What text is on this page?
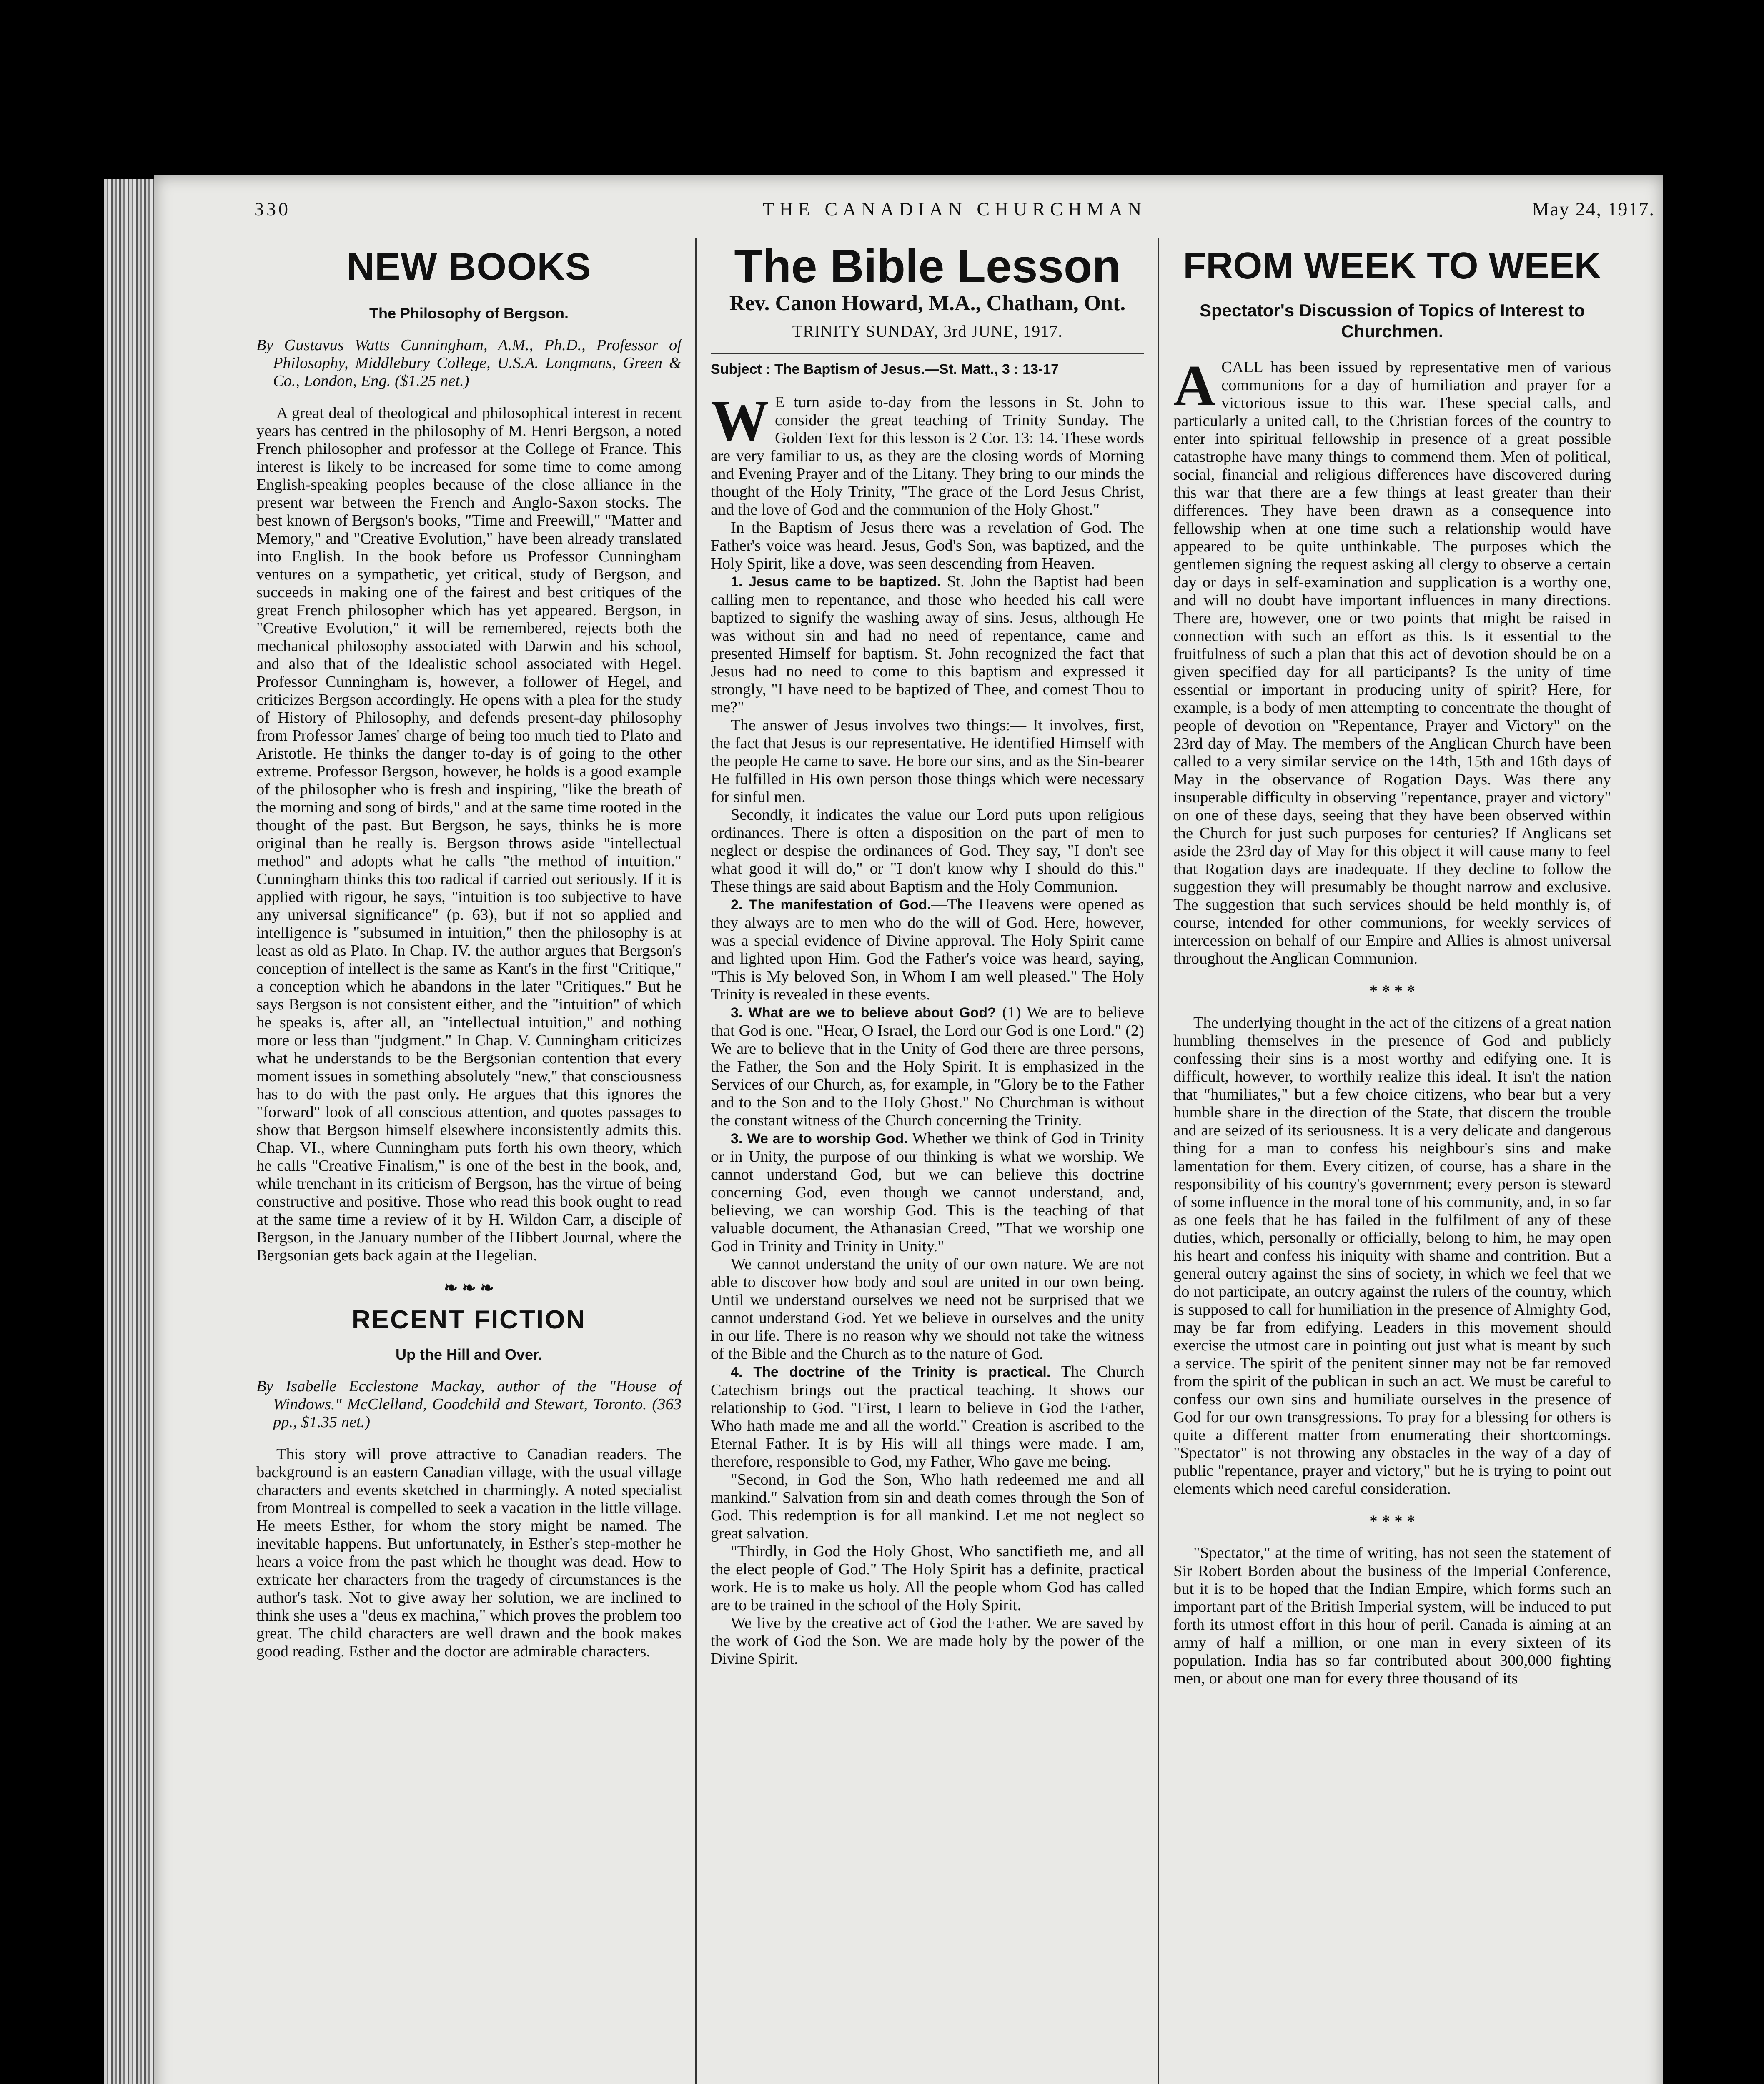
330	THE CANADIAN CHURCHMAN	May 24, 1917.
NEW BOOKS
The Philosophy of Bergson.
By Gustavus Watts Cunningham, A.M., Ph.D., Professor of Philosophy, Middlebury College, U.S.A. Longmans, Green & Co., London, Eng. ($1.25 net.)

A great deal of theological and philosophical interest in recent years has centred in the philosophy of M. Henri Bergson, a noted French philosopher and professor at the College of France. This interest is likely to be increased for some time to come among English-speaking peoples because of the close alliance in the present war between the French and Anglo-Saxon stocks. The best known of Bergson's books, "Time and Freewill," "Matter and Memory," and "Creative Evolution," have been already translated into English. In the book before us Professor Cunningham ventures on a sympathetic, yet critical, study of Bergson, and succeeds in making one of the fairest and best critiques of the great French philosopher which has yet appeared. Bergson, in "Creative Evolution," it will be remembered, rejects both the mechanical philosophy associated with Darwin and his school, and also that of the Idealistic school associated with Hegel. Professor Cunningham is, however, a follower of Hegel, and criticizes Bergson accordingly. He opens with a plea for the study of History of Philosophy, and defends present-day philosophy from Professor James' charge of being too much tied to Plato and Aristotle. He thinks the danger to-day is of going to the other extreme. Professor Bergson, however, he holds is a good example of the philosopher who is fresh and inspiring, "like the breath of the morning and song of birds," and at the same time rooted in the thought of the past. But Bergson, he says, thinks he is more original than he really is. Bergson throws aside "intellectual method" and adopts what he calls "the method of intuition." Cunningham thinks this too radical if carried out seriously. If it is applied with rigour, he says, "intuition is too subjective to have any universal significance" (p. 63), but if not so applied and intelligence is "subsumed in intuition," then the philosophy is at least as old as Plato. In Chap. IV. the author argues that Bergson's conception of intellect is the same as Kant's in the first "Critique," a conception which he abandons in the later "Critiques." But he says Bergson is not consistent either, and the "intuition" of which he speaks is, after all, an "intellectual intuition," and nothing more or less than "judgment." In Chap. V. Cunningham criticizes what he understands to be the Bergsonian contention that every moment issues in something absolutely "new," that consciousness has to do with the past only. He argues that this ignores the "forward" look of all conscious attention, and quotes passages to show that Bergson himself elsewhere inconsistently admits this. Chap. VI., where Cunningham puts forth his own theory, which he calls "Creative Finalism," is one of the best in the book, and, while trenchant in its criticism of Bergson, has the virtue of being constructive and positive. Those who read this book ought to read at the same time a review of it by H. Wildon Carr, a disciple of Bergson, in the January number of the Hibbert Journal, where the Bergsonian gets back again at the Hegelian.

❧ ❧ ❧
RECENT FICTION
Up the Hill and Over.
By Isabelle Ecclestone Mackay, author of the "House of Windows." McClelland, Goodchild and Stewart, Toronto. (363 pp., $1.35 net.)

This story will prove attractive to Canadian readers. The background is an eastern Canadian village, with the usual village characters and events sketched in charmingly. A noted specialist from Montreal is compelled to seek a vacation in the little village. He meets Esther, for whom the story might be named. The inevitable happens. But unfortunately, in Esther's step-mother he hears a voice from the past which he thought was dead. How to extricate her characters from the tragedy of circumstances is the author's task. Not to give away her solution, we are inclined to think she uses a "deus ex machina," which proves the problem too great. The child characters are well drawn and the book makes good reading. Esther and the doctor are admirable characters.

The Bible Lesson
Rev. Canon Howard, M.A., Chatham, Ont.
TRINITY SUNDAY, 3rd JUNE, 1917.
Subject : The Baptism of Jesus.—St. Matt., 3 : 13-17

W E turn aside to-day from the lessons in St. John to consider the great teaching of Trinity Sunday. The Golden Text for this lesson is 2 Cor. 13: 14. These words are very familiar to us, as they are the closing words of Morning and Evening Prayer and of the Litany. They bring to our minds the thought of the Holy Trinity, "The grace of the Lord Jesus Christ, and the love of God and the communion of the Holy Ghost."

In the Baptism of Jesus there was a revelation of God. The Father's voice was heard. Jesus, God's Son, was baptized, and the Holy Spirit, like a dove, was seen descending from Heaven.

1. Jesus came to be baptized. St. John the Baptist had been calling men to repentance, and those who heeded his call were baptized to signify the washing away of sins. Jesus, although He was without sin and had no need of repentance, came and presented Himself for baptism. St. John recognized the fact that Jesus had no need to come to this baptism and expressed it strongly, "I have need to be baptized of Thee, and comest Thou to me?"

The answer of Jesus involves two things:— It involves, first, the fact that Jesus is our representative. He identified Himself with the people He came to save. He bore our sins, and as the Sin-bearer He fulfilled in His own person those things which were necessary for sinful men.

Secondly, it indicates the value our Lord puts upon religious ordinances. There is often a disposition on the part of men to neglect or despise the ordinances of God. They say, "I don't see what good it will do," or "I don't know why I should do this." These things are said about Baptism and the Holy Communion.

2. The manifestation of God.—The Heavens were opened as they always are to men who do the will of God. Here, however, was a special evidence of Divine approval. The Holy Spirit came and lighted upon Him. God the Father's voice was heard, saying, "This is My beloved Son, in Whom I am well pleased." The Holy Trinity is revealed in these events.

3. What are we to believe about God? (1) We are to believe that God is one. "Hear, O Israel, the Lord our God is one Lord." (2) We are to believe that in the Unity of God there are three persons, the Father, the Son and the Holy Spirit. It is emphasized in the Services of our Church, as, for example, in "Glory be to the Father and to the Son and to the Holy Ghost." No Churchman is without the constant witness of the Church concerning the Trinity.

3. We are to worship God. Whether we think of God in Trinity or in Unity, the purpose of our thinking is what we worship. We cannot understand God, but we can believe this doctrine concerning God, even though we cannot understand, and, believing, we can worship God. This is the teaching of that valuable document, the Athanasian Creed, "That we worship one God in Trinity and Trinity in Unity."

We cannot understand the unity of our own nature. We are not able to discover how body and soul are united in our own being. Until we understand ourselves we need not be surprised that we cannot understand God. Yet we believe in ourselves and the unity in our life. There is no reason why we should not take the witness of the Bible and the Church as to the nature of God.

4. The doctrine of the Trinity is practical. The Church Catechism brings out the practical teaching. It shows our relationship to God. "First, I learn to believe in God the Father, Who hath made me and all the world." Creation is ascribed to the Eternal Father. It is by His will all things were made. I am, therefore, responsible to God, my Father, Who gave me being.

"Second, in God the Son, Who hath redeemed me and all mankind." Salvation from sin and death comes through the Son of God. This redemption is for all mankind. Let me not neglect so great salvation.

"Thirdly, in God the Holy Ghost, Who sanctifieth me, and all the elect people of God." The Holy Spirit has a definite, practical work. He is to make us holy. All the people whom God has called are to be trained in the school of the Holy Spirit.

We live by the creative act of God the Father. We are saved by the work of God the Son. We are made holy by the power of the Divine Spirit.

FROM WEEK TO WEEK
Spectator's Discussion of Topics of Interest to Churchmen.

ACALL has been issued by representative men of various communions for a day of humiliation and prayer for a victorious issue to this war. These special calls, and particularly a united call, to the Christian forces of the country to enter into spiritual fellowship in presence of a great possible catastrophe have many things to commend them. Men of political, social, financial and religious differences have discovered during this war that there are a few things at least greater than their differences. They have been drawn as a consequence into fellowship when at one time such a relationship would have appeared to be quite unthinkable. The purposes which the gentlemen signing the request asking all clergy to observe a certain day or days in self-examination and supplication is a worthy one, and will no doubt have important influences in many directions. There are, however, one or two points that might be raised in connection with such an effort as this. Is it essential to the fruitfulness of such a plan that this act of devotion should be on a given specified day for all participants? Is the unity of time essential or important in producing unity of spirit? Here, for example, is a body of men attempting to concentrate the thought of people of devotion on "Repentance, Prayer and Victory" on the 23rd day of May. The members of the Anglican Church have been called to a very similar service on the 14th, 15th and 16th days of May in the observance of Rogation Days. Was there any insuperable difficulty in observing "repentance, prayer and victory" on one of these days, seeing that they have been observed within the Church for just such purposes for centuries? If Anglicans set aside the 23rd day of May for this object it will cause many to feel that Rogation days are inadequate. If they decline to follow the suggestion they will presumably be thought narrow and exclusive. The suggestion that such services should be held monthly is, of course, intended for other communions, for weekly services of intercession on behalf of our Empire and Allies is almost universal throughout the Anglican Communion.

* * * *

The underlying thought in the act of the citizens of a great nation humbling themselves in the presence of God and publicly confessing their sins is a most worthy and edifying one. It is difficult, however, to worthily realize this ideal. It isn't the nation that "humiliates," but a few choice citizens, who bear but a very humble share in the direction of the State, that discern the trouble and are seized of its seriousness. It is a very delicate and dangerous thing for a man to confess his neighbour's sins and make lamentation for them. Every citizen, of course, has a share in the responsibility of his country's government; every person is steward of some influence in the moral tone of his community, and, in so far as one feels that he has failed in the fulfilment of any of these duties, which, personally or officially, belong to him, he may open his heart and confess his iniquity with shame and contrition. But a general outcry against the sins of society, in which we feel that we do not participate, an outcry against the rulers of the country, which is supposed to call for humiliation in the presence of Almighty God, may be far from edifying. Leaders in this movement should exercise the utmost care in pointing out just what is meant by such a service. The spirit of the penitent sinner may not be far removed from the spirit of the publican in such an act. We must be careful to confess our own sins and humiliate ourselves in the presence of God for our own transgressions. To pray for a blessing for others is quite a different matter from enumerating their shortcomings. "Spectator" is not throwing any obstacles in the way of a day of public "repentance, prayer and victory," but he is trying to point out elements which need careful consideration.

* * * *

"Spectator," at the time of writing, has not seen the statement of Sir Robert Borden about the business of the Imperial Conference, but it is to be hoped that the Indian Empire, which forms such an important part of the British Imperial system, will be induced to put forth its utmost effort in this hour of peril. Canada is aiming at an army of half a million, or one man in every sixteen of its population. India has so far contributed about 300,000 fighting men, or about one man for every three thousand of its
